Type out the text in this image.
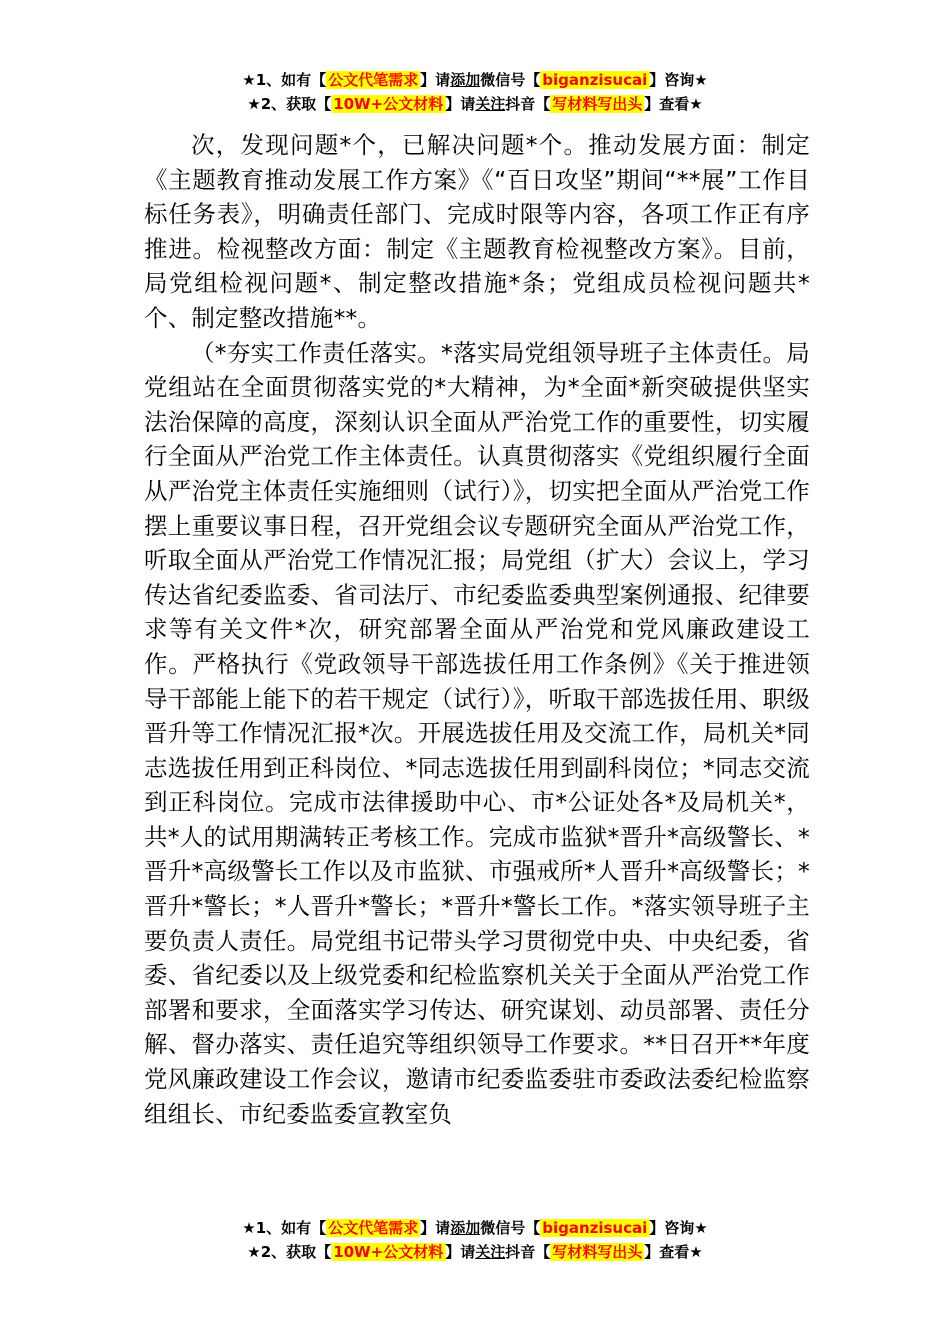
★1、如有【 公文代笔需求 】请添加微信号【 biganzisucai 】咨询★
★2、获取【 10W+公文材料 】请关注抖音【 写材料写出头 】查看★

次，发现问题*个，已解决问题*个。推动发展方面：制定《主题教育推动发展工作方案》《“百日攻坚”期间“**展”工作目标任务表》，明确责任部门、完成时限等内容，各项工作正有序推进。检视整改方面：制定《主题教育检视整改方案》。目前，局党组检视问题*、制定整改措施*条；党组成员检视问题共*个、制定整改措施**。

（*夯实工作责任落实。*落实局党组领导班子主体责任。局党组站在全面贯彻落实党的*大精神，为*全面*新突破提供坚实法治保障的高度，深刻认识全面从严治党工作的重要性，切实履行全面从严治党工作主体责任。认真贯彻落实《党组织履行全面从严治党主体责任实施细则（试行）》，切实把全面从严治党工作摆上重要议事日程，召开党组会议专题研究全面从严治党工作，听取全面从严治党工作情况汇报；局党组（扩大）会议上，学习传达省纪委监委、省司法厅、市纪委监委典型案例通报、纪律要求等有关文件*次，研究部署全面从严治党和党风廉政建设工作。严格执行《党政领导干部选拔任用工作条例》《关于推进领导干部能上能下的若干规定（试行）》，听取干部选拔任用、职级晋升等工作情况汇报*次。开展选拔任用及交流工作，局机关*同志选拔任用到正科岗位、*同志选拔任用到副科岗位；*同志交流到正科岗位。完成市法律援助中心、市*公证处各*及局机关*，共*人的试用期满转正考核工作。完成市监狱*晋升*高级警长、*晋升*高级警长工作以及市监狱、市强戒所*人晋升*高级警长；*晋升*警长；*人晋升*警长；*晋升*警长工作。*落实领导班子主要负责人责任。局党组书记带头学习贯彻党中央、中央纪委，省委、省纪委以及上级党委和纪检监察机关关于全面从严治党工作部署和要求，全面落实学习传达、研究谋划、动员部署、责任分解、督办落实、责任追究等组织领导工作要求。**日召开**年度党风廉政建设工作会议，邀请市纪委监委驻市委政法委纪检监察组组长、市纪委监委宣教室负

★1、如有【 公文代笔需求 】请添加微信号【 biganzisucai 】咨询★
★2、获取【 10W+公文材料 】请关注抖音【 写材料写出头 】查看★
